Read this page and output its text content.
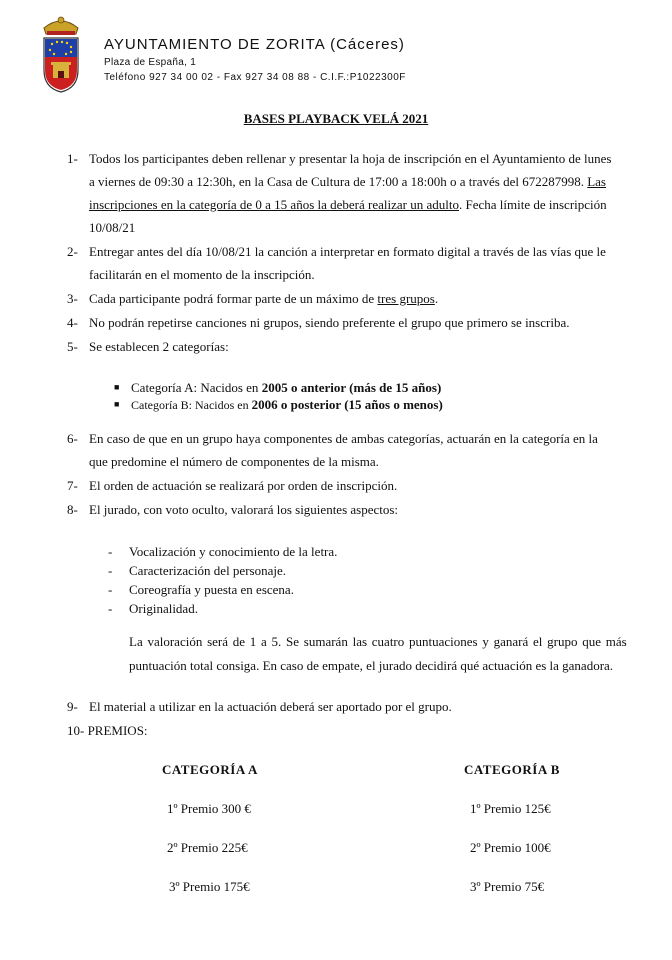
AYUNTAMIENTO DE ZORITA (Cáceres)
Plaza de España, 1
Teléfono 927 34 00 02 - Fax 927 34 08 88 - C.I.F.:P1022300F
BASES PLAYBACK VELÁ 2021
1- Todos los participantes deben rellenar y presentar la hoja de inscripción en el Ayuntamiento de lunes
a viernes de 09:30 a 12:30h, en la Casa de Cultura de 17:00 a 18:00h o a través del 672287998. Las
inscripciones en la categoría de 0 a 15 años la deberá realizar un adulto. Fecha límite de inscripción
10/08/21
2- Entregar antes del día 10/08/21 la canción a interpretar en formato digital a través de las vías que le
facilitarán en el momento de la inscripción.
3- Cada participante podrá formar parte de un máximo de tres grupos.
4- No podrán repetirse canciones ni grupos, siendo preferente el grupo que primero se inscriba.
5- Se establecen 2 categorías:
■ Categoría A: Nacidos en 2005 o anterior (más de 15 años)
■ Categoría B: Nacidos en 2006 o posterior (15 años o menos)
6- En caso de que en un grupo haya componentes de ambas categorías, actuarán en la categoría en la
que predomine el número de componentes de la misma.
7- El orden de actuación se realizará por orden de inscripción.
8- El jurado, con voto oculto, valorará los siguientes aspectos:
- Vocalización y conocimiento de la letra.
- Caracterización del personaje.
- Coreografía y puesta en escena.
- Originalidad.
La valoración será de 1 a 5. Se sumarán las cuatro puntuaciones y ganará el grupo que más
puntuación total consiga. En caso de empate, el jurado decidirá qué actuación es la ganadora.
9- El material a utilizar en la actuación deberá ser aportado por el grupo.
10- PREMIOS:
CATEGORÍA A	CATEGORÍA B
1º Premio 300 €
2º Premio 225€
3º Premio 175€
1º Premio 125€
2º Premio 100€
3º Premio 75€
